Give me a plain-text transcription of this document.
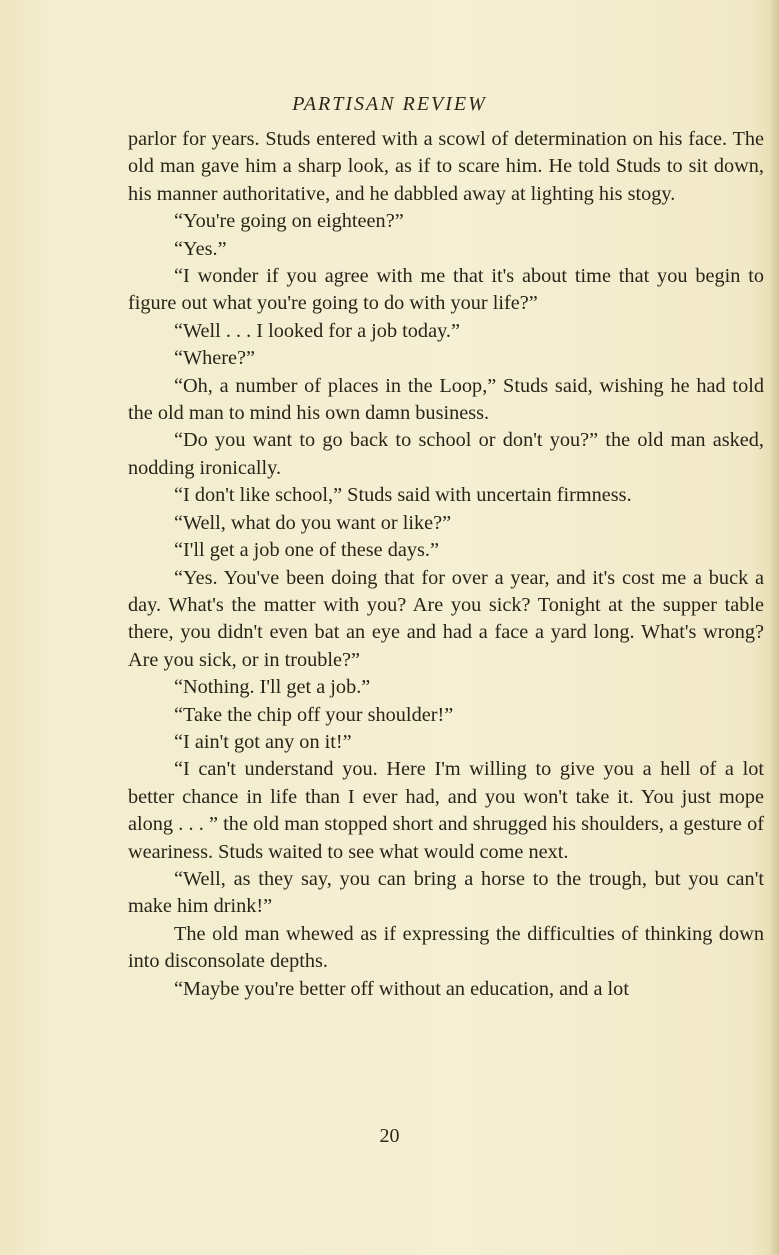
PARTISAN REVIEW

parlor for years. Studs entered with a scowl of determination on his face. The old man gave him a sharp look, as if to scare him. He told Studs to sit down, his manner authoritative, and he dabbled away at lighting his stogy.

“You're going on eighteen?”

“Yes.”

“I wonder if you agree with me that it's about time that you begin to figure out what you're going to do with your life?”

“Well . . . I looked for a job today.”

“Where?”

“Oh, a number of places in the Loop,” Studs said, wishing he had told the old man to mind his own damn business.

“Do you want to go back to school or don't you?” the old man asked, nodding ironically.

“I don't like school,” Studs said with uncertain firmness.

“Well, what do you want or like?”

“I'll get a job one of these days.”

“Yes. You've been doing that for over a year, and it's cost me a buck a day. What's the matter with you? Are you sick? Tonight at the supper table there, you didn't even bat an eye and had a face a yard long. What's wrong? Are you sick, or in trouble?”

“Nothing. I'll get a job.”

“Take the chip off your shoulder!”

“I ain't got any on it!”

“I can't understand you. Here I'm willing to give you a hell of a lot better chance in life than I ever had, and you won't take it. You just mope along . . . ” the old man stopped short and shrugged his shoulders, a gesture of weariness. Studs waited to see what would come next.

“Well, as they say, you can bring a horse to the trough, but you can't make him drink!”

The old man whewed as if expressing the difficulties of thinking down into disconsolate depths.

“Maybe you're better off without an education, and a lot

20
